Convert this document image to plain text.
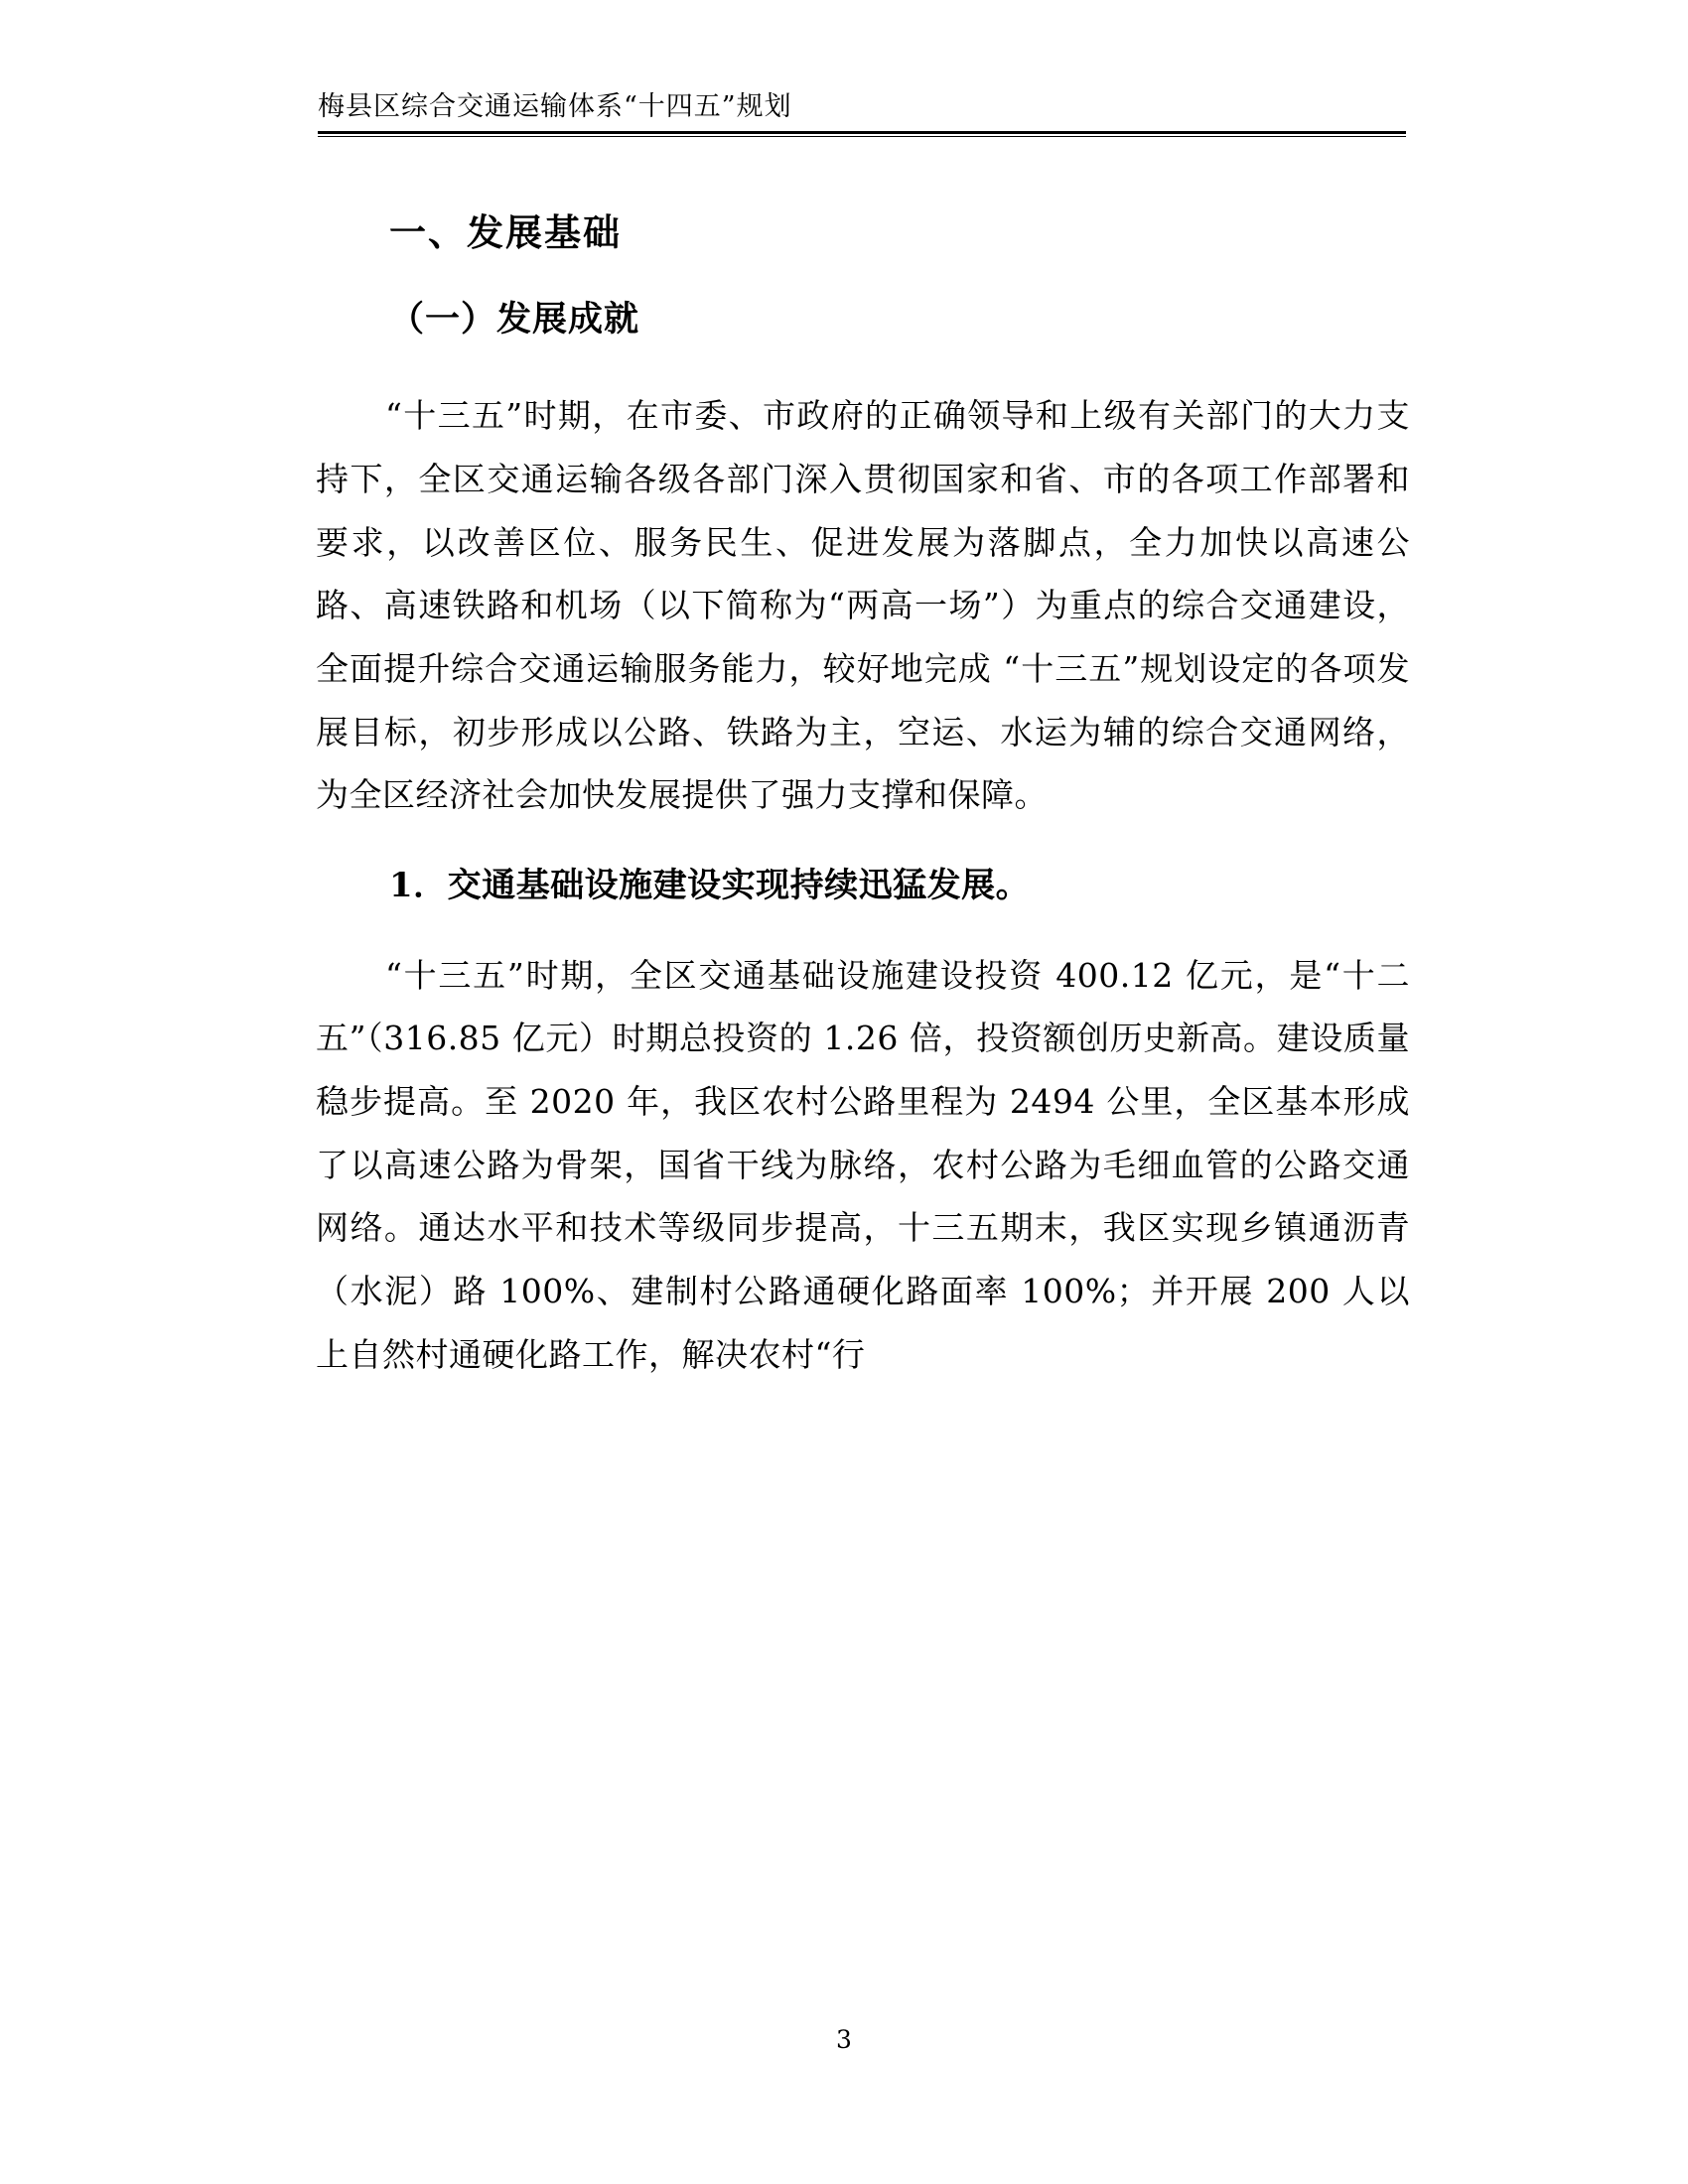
梅县区综合交通运输体系“十四五”规划
一、发展基础
（一）发展成就

“十三五”时期，在市委、市政府的正确领导和上级有关部门的大力支持下，全区交通运输各级各部门深入贯彻国家和省、市的各项工作部署和要求，以改善区位、服务民生、促进发展为落脚点，全力加快以高速公路、高速铁路和机场（以下简称为“两高一场”）为重点的综合交通建设，全面提升综合交通运输服务能力，较好地完成 “十三五”规划设定的各项发展目标，初步形成以公路、铁路为主，空运、水运为辅的综合交通网络，为全区经济社会加快发展提供了强力支撑和保障。

1．交通基础设施建设实现持续迅猛发展。

“十三五”时期，全区交通基础设施建设投资 400.12 亿元，是“十二五”（316.85 亿元）时期总投资的 1.26 倍，投资额创历史新高。建设质量稳步提高。至 2020 年，我区农村公路里程为 2494 公里，全区基本形成了以高速公路为骨架，国省干线为脉络，农村公路为毛细血管的公路交通网络。通达水平和技术等级同步提高，十三五期末，我区实现乡镇通沥青（水泥）路 100%、建制村公路通硬化路面率 100%；并开展 200 人以上自然村通硬化路工作，解决农村“行

3
